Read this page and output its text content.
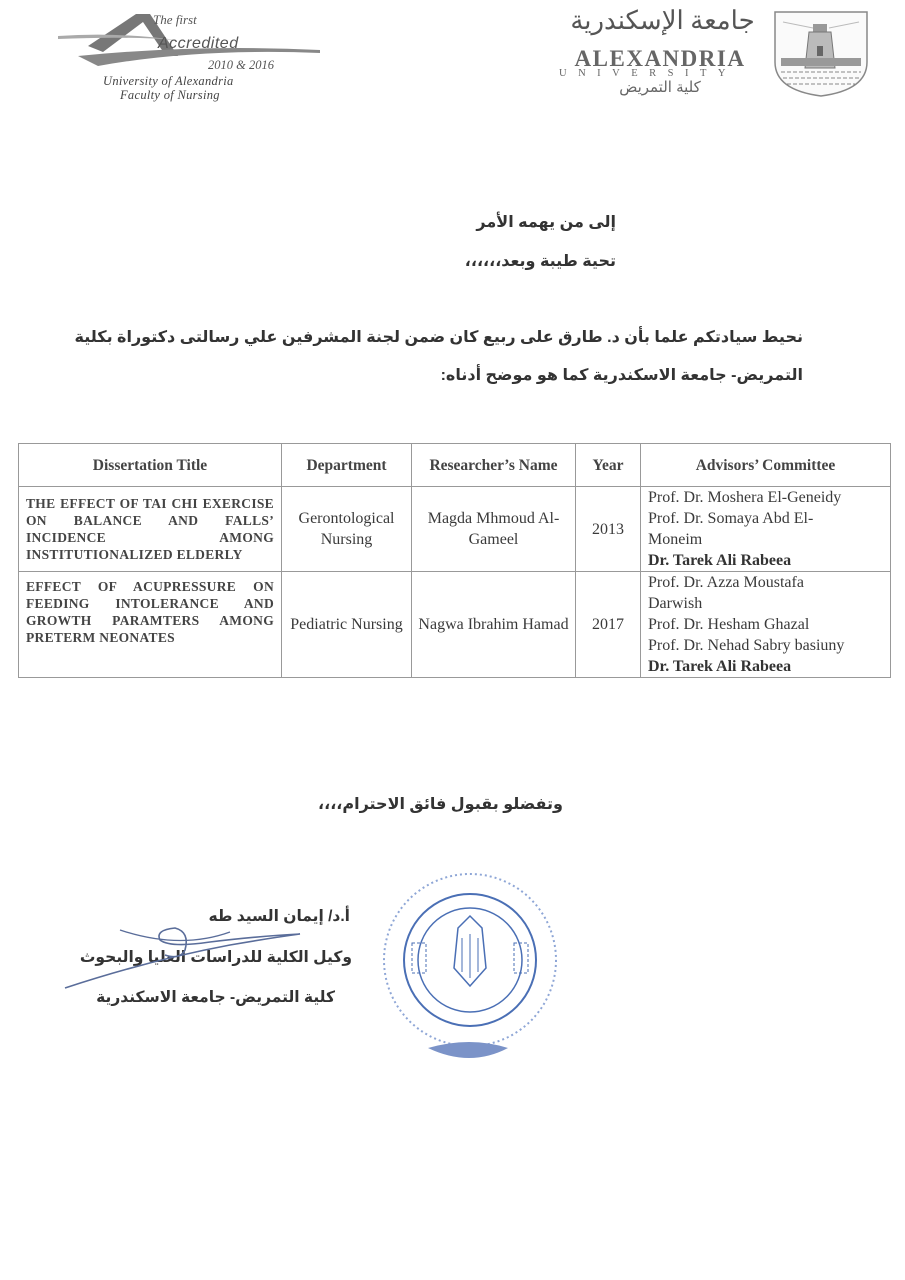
The first
Accredited
2010 & 2016
University of Alexandria
Faculty of Nursing
جامعة الإسكندرية
ALEXANDRIA
UNIVERSITY
كلية التمريض
إلى من يهمه الأمر
تحية طيبة وبعد،،،،،،
نحيط سيادتكم علما بأن د. طارق على ربيع كان ضمن لجنة المشرفين علي رسالتى دكتوراة بكلية
التمريض- جامعة الاسكندرية كما هو موضح أدناه:
Dissertation Title	Department	Researcher’s Name	Year	Advisors’ Committee
THE EFFECT OF TAI CHI EXERCISE ON BALANCE AND FALLS’ INCIDENCE AMONG INSTITUTIONALIZED ELDERLY	Gerontological Nursing	Magda Mhmoud Al-Gameel	2013	Prof. Dr. Moshera El-Geneidy
Prof. Dr. Somaya Abd El-
Moneim
Dr. Tarek Ali Rabeea

EFFECT OF ACUPRESSURE ON FEEDING INTOLERANCE AND GROWTH PARAMTERS AMONG PRETERM NEONATES	Pediatric Nursing	Nagwa Ibrahim Hamad	2017	Prof. Dr. Azza Moustafa
Darwish
Prof. Dr. Hesham Ghazal
Prof. Dr. Nehad Sabry basiuny
Dr. Tarek Ali Rabeea
وتفضلو بقبول فائق الاحترام،،،،
أ.د/ إيمان السيد طه
وكيل الكلية للدراسات العليا والبحوث
كلية التمريض- جامعة الاسكندرية
